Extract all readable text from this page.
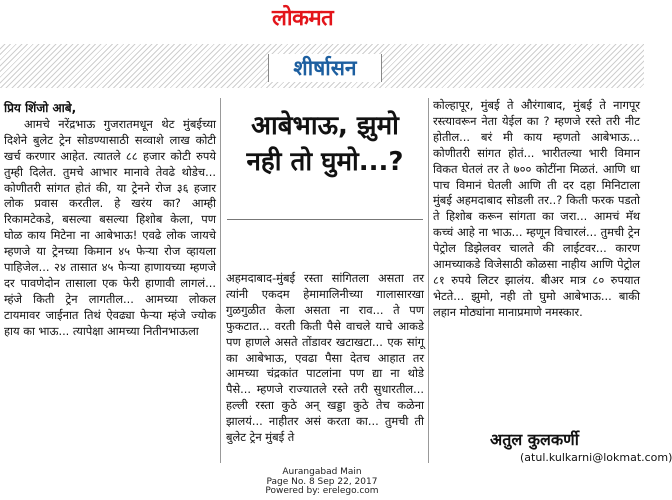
लोकमत
शीर्षासन

प्रिय शिंजो आबे,

आमचे नरेंद्रभाऊ गुजरातमधून थेट मुंबईच्या दिशेने बुलेट ट्रेन सोडण्यासाठी सव्वाशे लाख कोटी खर्च करणार आहेत. त्यातले ८८ हजार कोटी रुपये तुम्ही दिलेत. तुमचे आभार मानावे तेवढे थोडेच... कोणीतरी सांगत होतं की, या ट्रेनने रोज ३६ हजार लोक प्रवास करतील. हे खरंय का? आम्ही रिकामटेकडे, बसल्या बसल्या हिशोब केला, पण घोळ काय मिटेना ना आबेभाऊ! एवढे लोक जायचे म्हणजे या ट्रेनच्या किमान ४५ फेऱ्या रोज व्हायला पाहिजेल... २४ तासात ४५ फेऱ्या हाणायच्या म्हणजे दर पावणेदोन तासाला एक फेरी हाणावी लागलं... म्हंजे किती ट्रेन लागतील... आमच्या लोकल टायमावर जाईनात तिथं ऐवढ्या फेऱ्या म्हंजे ज्योक हाय का भाऊ... त्यापेक्षा आमच्या नितीनभाऊला

आबेभाऊ, झुमो
नही तो घुमो...?

अहमदाबाद-मुंबई रस्ता सांगितला असता तर त्यांनी एकदम हेमामालिनीच्या गालासारखा गुळगुळीत केला असता ना राव... ते पण फुकटात... वरती किती पैसे वाचले याचे आकडे पण हाणले असते तोंडावर खटाखटा... एक सांगू का आबेभाऊ, एवढा पैसा देतच आहात तर आमच्या चंद्रकांत पाटलांना पण द्या ना थोडे पैसे... म्हणजे राज्यातले रस्ते तरी सुधारतील... हल्ली रस्ता कुठे अन् खड्डा कुठे तेच कळेना झालयं... नाहीतर असं करता का... तुमची ती बुलेट ट्रेन मुंबई ते

कोल्हापूर, मुंबई ते औरंगाबाद, मुंबई ते नागपूर रस्त्यावरून नेता येईल का ? म्हणजे रस्ते तरी नीट होतील... बरं मी काय म्हणतो आबेभाऊ... कोणीतरी सांगत होतं... भारीतल्या भारी विमान विकत घेतलं तर ते ७०० कोटींना मिळतं. आणि धा पाच विमानं घेतली आणि ती दर दहा मिनिटाला मुंबई अहमदाबाद सोडली तर..? किती फरक पडतो ते हिशोब करून सांगता का जरा... आमचं मॅथ कच्चं आहे ना भाऊ... म्हणून विचारलं... तुमची ट्रेन पेट्रोल डिझेलवर चालते की लाईटवर... कारण आमच्याकडे विजेसाठी कोळसा नाहीय आणि पेट्रोल ८१ रुपये लिटर झालंय. बीअर मात्र ८० रुपयात भेटते... झुमो, नही तो घुमो आबेभाऊ... बाकी लहान मोठ्यांना मानाप्रमाणे नमस्कार.

अतुल कुलकर्णी
(atul.kulkarni@lokmat.com)
Aurangabad Main
Page No. 8 Sep 22, 2017
Powered by: erelego.com
